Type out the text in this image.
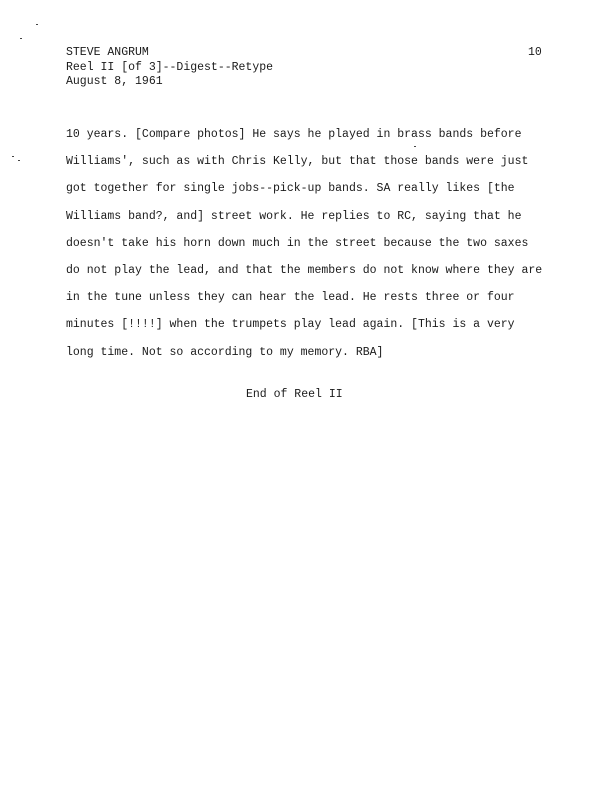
STEVE ANGRUM
Reel II [of 3]--Digest--Retype
August 8, 1961
10
10 years. [Compare photos] He says he played in brass bands before
Williams', such as with Chris Kelly, but that those bands were just
got together for single jobs--pick-up bands. SA really likes [the
Williams band?, and] street work. He replies to RC, saying that he
doesn't take his horn down much in the street because the two saxes
do not play the lead, and that the members do not know where they are
in the tune unless they can hear the lead. He rests three or four
minutes [!!!!] when the trumpets play lead again. [This is a very
long time. Not so according to my memory. RBA]
End of Reel II
